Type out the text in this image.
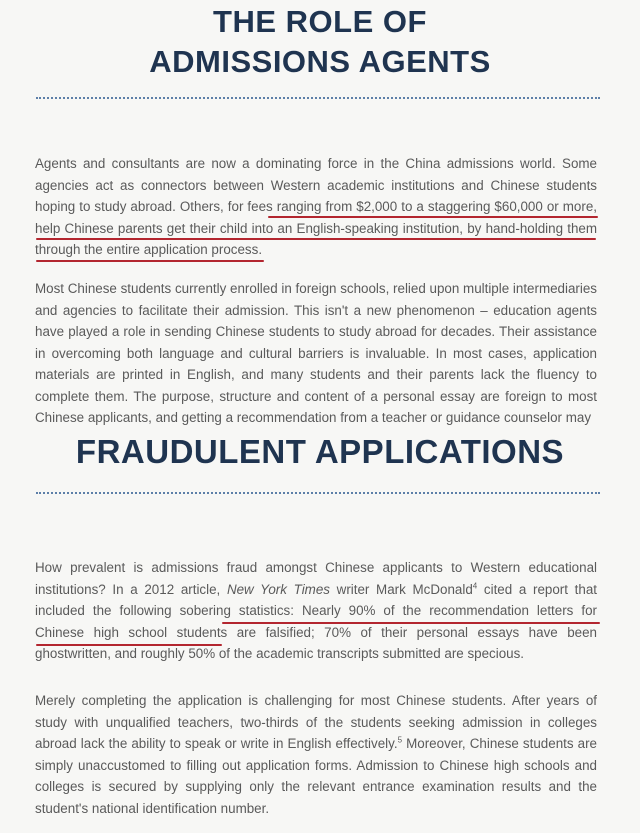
THE ROLE OF
ADMISSIONS AGENTS
Agents and consultants are now a dominating force in the China admissions world. Some agencies act as connectors between Western academic institutions and Chinese students hoping to study abroad. Others, for fees ranging from $2,000 to a staggering $60,000 or more, help Chinese parents get their child into an English-speaking institution, by hand-holding them through the entire application process.
Most Chinese students currently enrolled in foreign schools, relied upon multiple intermediaries and agencies to facilitate their admission. This isn't a new phenomenon – education agents have played a role in sending Chinese students to study abroad for decades. Their assistance in overcoming both language and cultural barriers is invaluable. In most cases, application materials are printed in English, and many students and their parents lack the fluency to complete them. The purpose, structure and content of a personal essay are foreign to most Chinese applicants, and getting a recommendation from a teacher or guidance counselor may
FRAUDULENT APPLICATIONS
How prevalent is admissions fraud amongst Chinese applicants to Western educational institutions? In a 2012 article, New York Times writer Mark McDonald$^4$ cited a report that included the following sobering statistics: Nearly 90% of the recommendation letters for Chinese high school students are falsified; 70% of their personal essays have been ghostwritten, and roughly 50% of the academic transcripts submitted are specious.
Merely completing the application is challenging for most Chinese students. After years of study with unqualified teachers, two-thirds of the students seeking admission in colleges abroad lack the ability to speak or write in English effectively.$^5$ Moreover, Chinese students are simply unaccustomed to filling out application forms. Admission to Chinese high schools and colleges is secured by supplying only the relevant entrance examination results and the student's national identification number.
